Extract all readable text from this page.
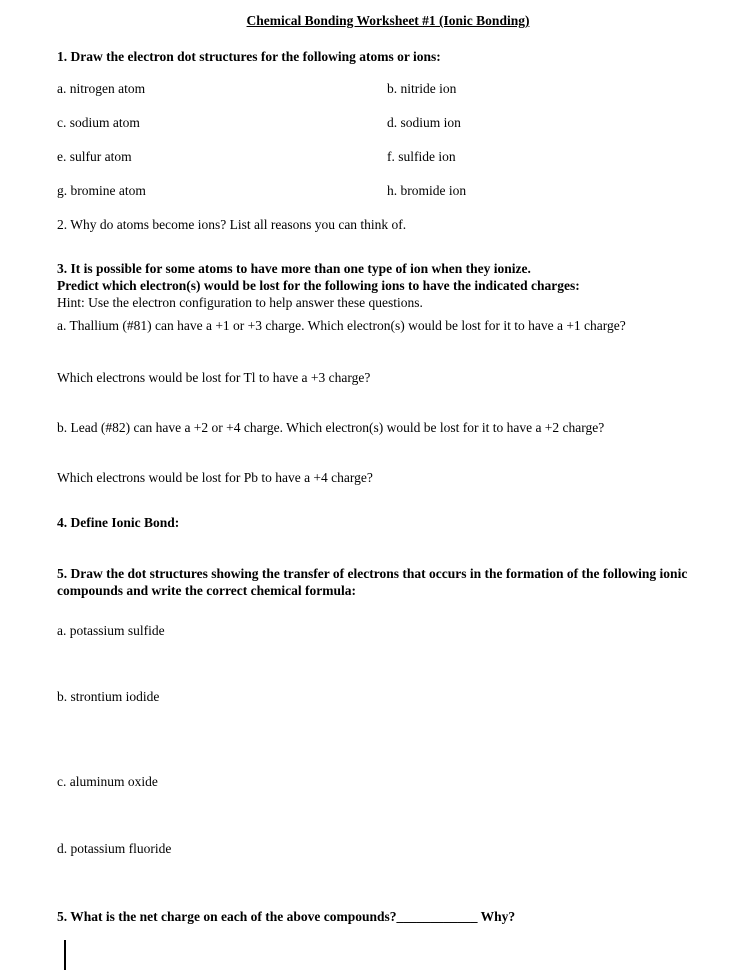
Chemical Bonding Worksheet #1 (Ionic Bonding)
1. Draw the electron dot structures for the following atoms or ions:
a. nitrogen atom	b. nitride ion
c. sodium atom	d. sodium ion
e. sulfur atom	f. sulfide ion
g. bromine atom	h. bromide ion
2. Why do atoms become ions? List all reasons you can think of.
3. It is possible for some atoms to have more than one type of ion when they ionize.
Predict which electron(s) would be lost for the following ions to have the indicated charges:
Hint: Use the electron configuration to help answer these questions.
a. Thallium (#81) can have a +1 or +3 charge. Which electron(s) would be lost for it to have a +1 charge?
Which electrons would be lost for Tl to have a +3 charge?
b. Lead (#82) can have a +2 or +4 charge. Which electron(s) would be lost for it to have a +2 charge?
Which electrons would be lost for Pb to have a +4 charge?
4. Define Ionic Bond:
5. Draw the dot structures showing the transfer of electrons that occurs in the formation of the following ionic compounds and write the correct chemical formula:
a. potassium sulfide
b. strontium iodide
c. aluminum oxide
d. potassium fluoride
5. What is the net charge on each of the above compounds?____________ Why?
